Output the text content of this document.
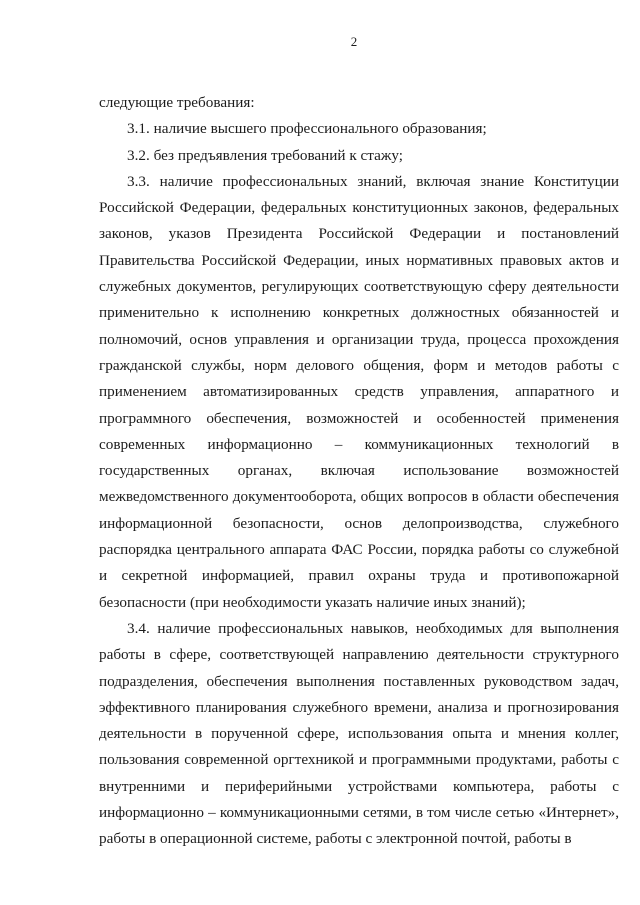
2

следующие требования:

3.1. наличие высшего профессионального образования;

3.2. без предъявления требований к стажу;

3.3. наличие профессиональных знаний, включая знание Конституции Российской Федерации, федеральных конституционных законов, федеральных законов, указов Президента Российской Федерации и постановлений Правительства Российской Федерации, иных нормативных правовых актов и служебных документов, регулирующих соответствующую сферу деятельности применительно к исполнению конкретных должностных обязанностей и полномочий, основ управления и организации труда, процесса прохождения гражданской службы, норм делового общения, форм и методов работы с применением автоматизированных средств управления, аппаратного и программного обеспечения, возможностей и особенностей применения современных информационно – коммуникационных технологий в государственных органах, включая использование возможностей межведомственного документооборота, общих вопросов в области обеспечения информационной безопасности, основ делопроизводства, служебного распорядка центрального аппарата ФАС России, порядка работы со служебной и секретной информацией, правил охраны труда и противопожарной безопасности (при необходимости указать наличие иных знаний);

3.4. наличие профессиональных навыков, необходимых для выполнения работы в сфере, соответствующей направлению деятельности структурного подразделения, обеспечения выполнения поставленных руководством задач, эффективного планирования служебного времени, анализа и прогнозирования деятельности в порученной сфере, использования опыта и мнения коллег, пользования современной оргтехникой и программными продуктами, работы с внутренними и периферийными устройствами компьютера, работы с информационно – коммуникационными сетями, в том числе сетью «Интернет», работы в операционной системе, работы с электронной почтой, работы в
